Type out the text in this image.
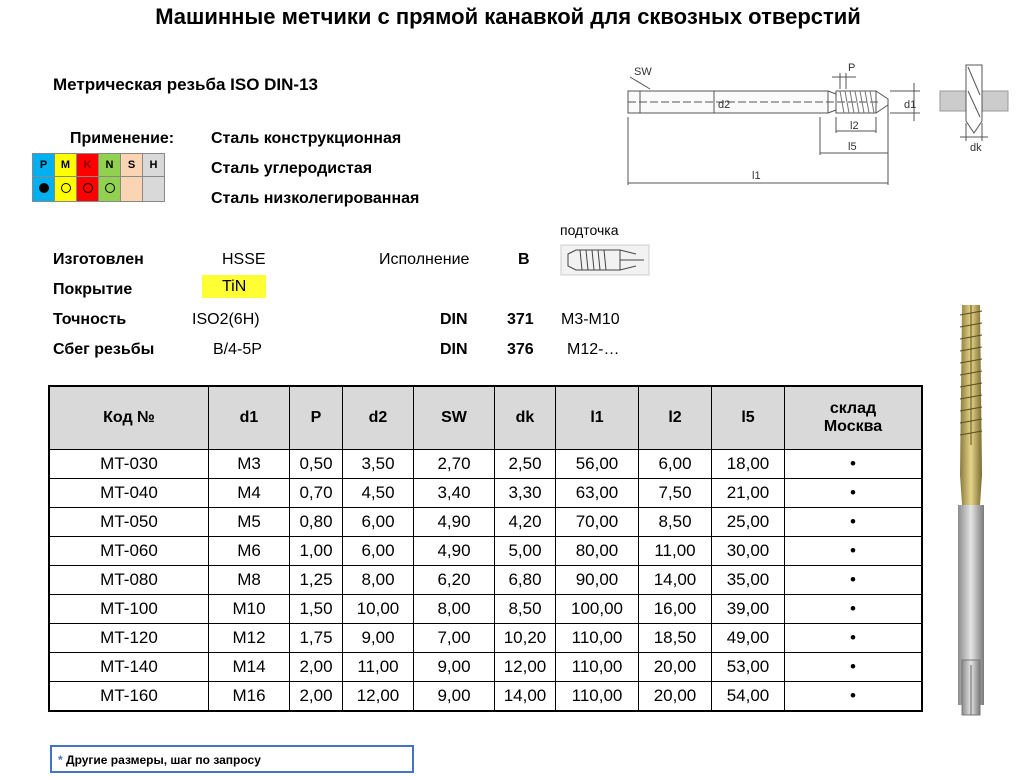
Машинные метчики с прямой канавкой для сквозных отверстий
Метрическая резьба ISO DIN-13
Применение: Сталь конструкционная
Сталь углеродистая
Сталь низколегированная
P	M	K	N	S	H

SW	P
d2	d1
l2
l5
l1
dk
Изготовлен	HSSE	Исполнение	B
подточка
Покрытие	TiN
Точность	ISO2(6H)	DIN 371 M3-M10
Сбег резьбы	B/4-5P	DIN 376 M12-…
Код №	d1	P	d2	SW	dk	l1	l2	l5	склад
Москва

MT-030	M3	0,50	3,50	2,70	2,50	56,00	6,00	18,00	•
MT-040	M4	0,70	4,50	3,40	3,30	63,00	7,50	21,00	•
MT-050	M5	0,80	6,00	4,90	4,20	70,00	8,50	25,00	•
MT-060	M6	1,00	6,00	4,90	5,00	80,00	11,00	30,00	•
MT-080	M8	1,25	8,00	6,20	6,80	90,00	14,00	35,00	•
MT-100	M10	1,50	10,00	8,00	8,50	100,00	16,00	39,00	•
MT-120	M12	1,75	9,00	7,00	10,20	110,00	18,50	49,00	•
MT-140	M14	2,00	11,00	9,00	12,00	110,00	20,00	53,00	•
MT-160	M16	2,00	12,00	9,00	14,00	110,00	20,00	54,00	•
* Другие размеры, шаг по запросу
